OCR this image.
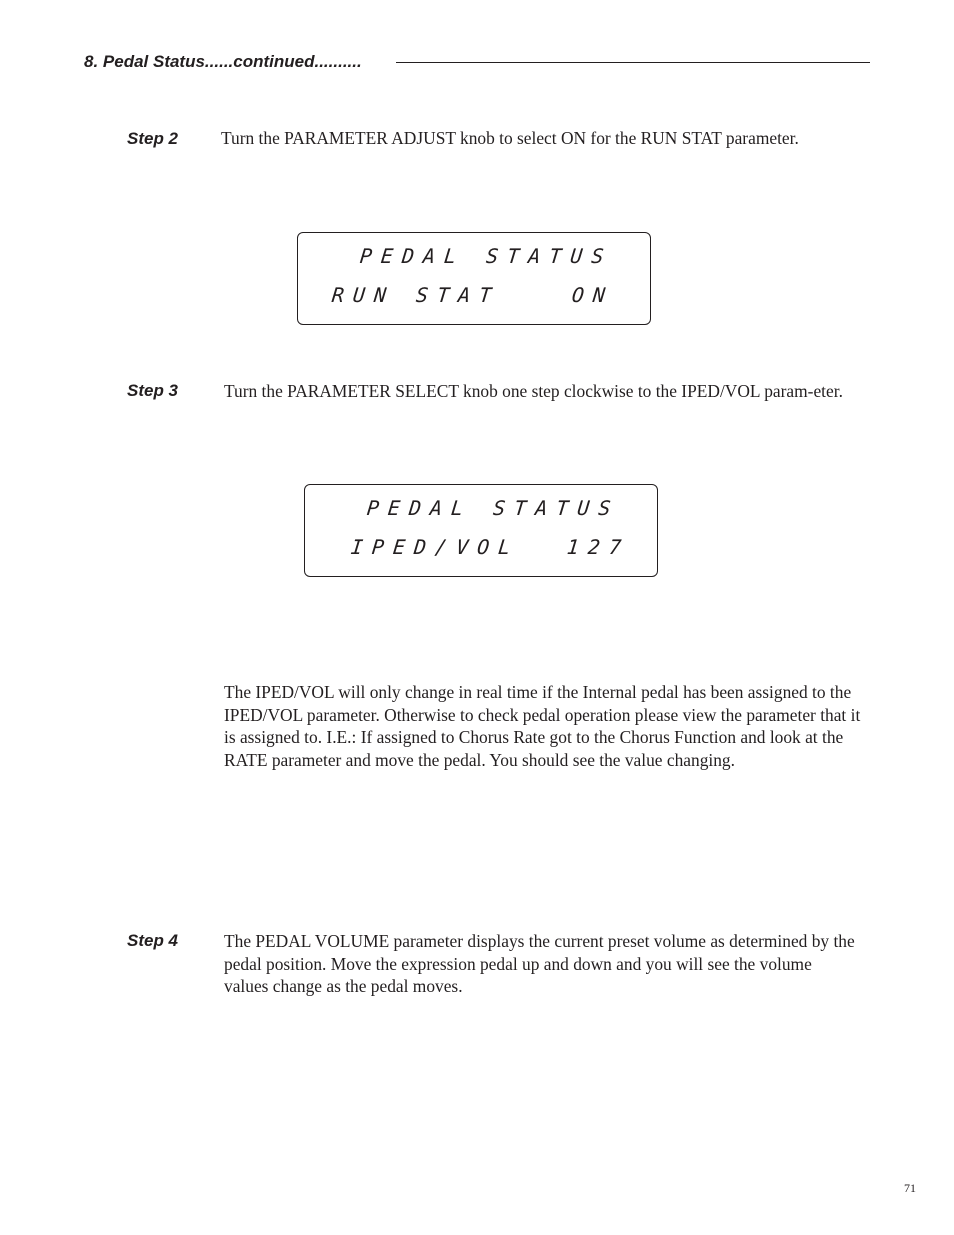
8. Pedal Status......continued..........
Step 2 Turn the PARAMETER ADJUST knob to select ON for the RUN STAT parameter.

PEDAL STATUS
RUN STAT	ON
Step 3	Turn the PARAMETER SELECT knob one step clockwise to the IPED/VOL param-eter.

PEDAL STATUS
IPED/VOL 127

The IPED/VOL will only change in real time if the Internal pedal has been assigned to the IPED/VOL parameter. Otherwise to check pedal operation please view the parameter that it is assigned to. I.E.: If assigned to Chorus Rate got to the Chorus Function and look at the RATE parameter and move the pedal. You should see the value changing.

Step 4	The PEDAL VOLUME parameter displays the current preset volume as determined by the pedal position. Move the expression pedal up and down and you will see the volume values change as the pedal moves.

71
